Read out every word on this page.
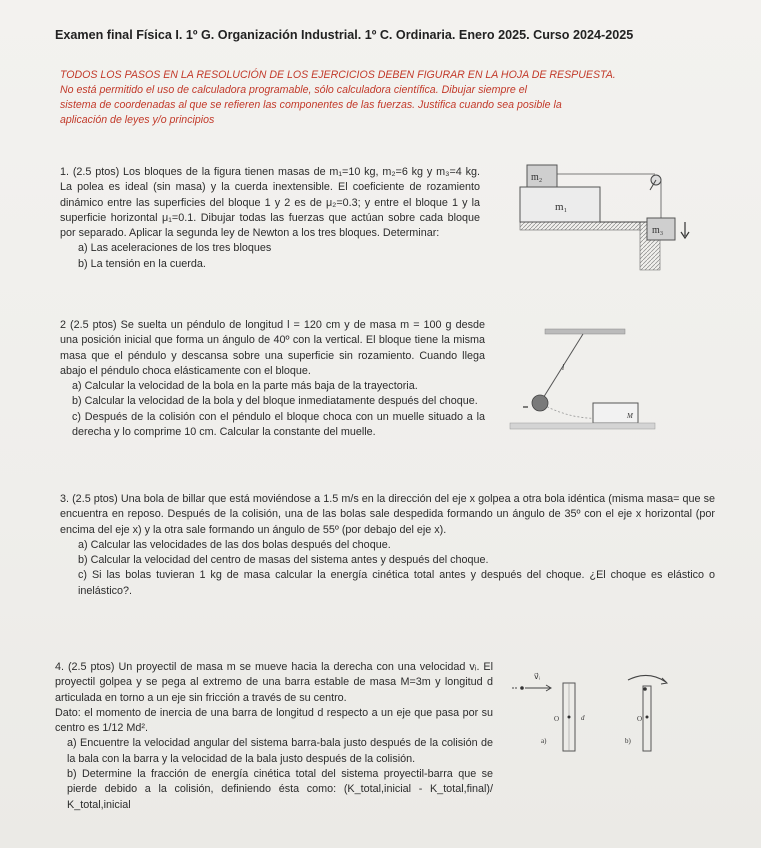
Examen final Física I. 1º G. Organización Industrial. 1º C. Ordinaria. Enero 2025. Curso 2024-2025
TODOS LOS PASOS EN LA RESOLUCIÓN DE LOS EJERCICIOS DEBEN FIGURAR EN LA HOJA DE RESPUESTA.
No está permitido el uso de calculadora programable, sólo calculadora científica. Dibujar siempre el
sistema de coordenadas al que se refieren las componentes de las fuerzas. Justifica cuando sea posible la
aplicación de leyes y/o principios

1. (2.5 ptos) Los bloques de la figura tienen masas de m₁=10 kg, m₂=6 kg y m₃=4 kg. La polea es ideal (sin masa) y la cuerda inextensible. El coeficiente de rozamiento dinámico entre las superficies del bloque 1 y 2 es de μ₂=0.3; y entre el bloque 1 y la superficie horizontal μ₁=0.1. Dibujar todas las fuerzas que actúan sobre cada bloque por separado. Aplicar la segunda ley de Newton a los tres bloques. Determinar:

a) Las aceleraciones de los tres bloques

b) La tensión en la cuerda.

m₁
m₂
m₃

2 (2.5 ptos) Se suelta un péndulo de longitud l = 120 cm y de masa m = 100 g desde una posición inicial que forma un ángulo de 40º con la vertical. El bloque tiene la misma masa que el péndulo y descansa sobre una superficie sin rozamiento. Cuando llega abajo el péndulo choca elásticamente con el bloque.

a) Calcular la velocidad de la bola en la parte más baja de la trayectoria.

b) Calcular la velocidad de la bola y del bloque inmediatamente después del choque.

c) Después de la colisión con el péndulo el bloque choca con un muelle situado a la derecha y lo comprime 10 cm. Calcular la constante del muelle.

l
M

3. (2.5 ptos) Una bola de billar que está moviéndose a 1.5 m/s en la dirección del eje x golpea a otra bola idéntica (misma masa= que se encuentra en reposo. Después de la colisión, una de las bolas sale despedida formando un ángulo de 35º con el eje x horizontal (por encima del eje x) y la otra sale formando un ángulo de 55º (por debajo del eje x).

a) Calcular las velocidades de las dos bolas después del choque.

b) Calcular la velocidad del centro de masas del sistema antes y después del choque.

c) Si las bolas tuvieran 1 kg de masa calcular la energía cinética total antes y después del choque. ¿El choque es elástico o inelástico?.

4. (2.5 ptos) Un proyectil de masa m se mueve hacia la derecha con una velocidad vᵢ. El proyectil golpea y se pega al extremo de una barra estable de masa M=3m y longitud d articulada en torno a un eje sin fricción a través de su centro.

Dato: el momento de inercia de una barra de longitud d respecto a un eje que pasa por su centro es 1/12 Md².

a) Encuentre la velocidad angular del sistema barra-bala justo después de la colisión de la bala con la barra y la velocidad de la bala justo después de la colisión.

b) Determine la fracción de energía cinética total del sistema proyectil-barra que se pierde debido a la colisión, definiendo ésta como: (K_total,inicial - K_total,final)/ K_total,inicial

v⃗ᵢ
O	d
a)
O
b)
